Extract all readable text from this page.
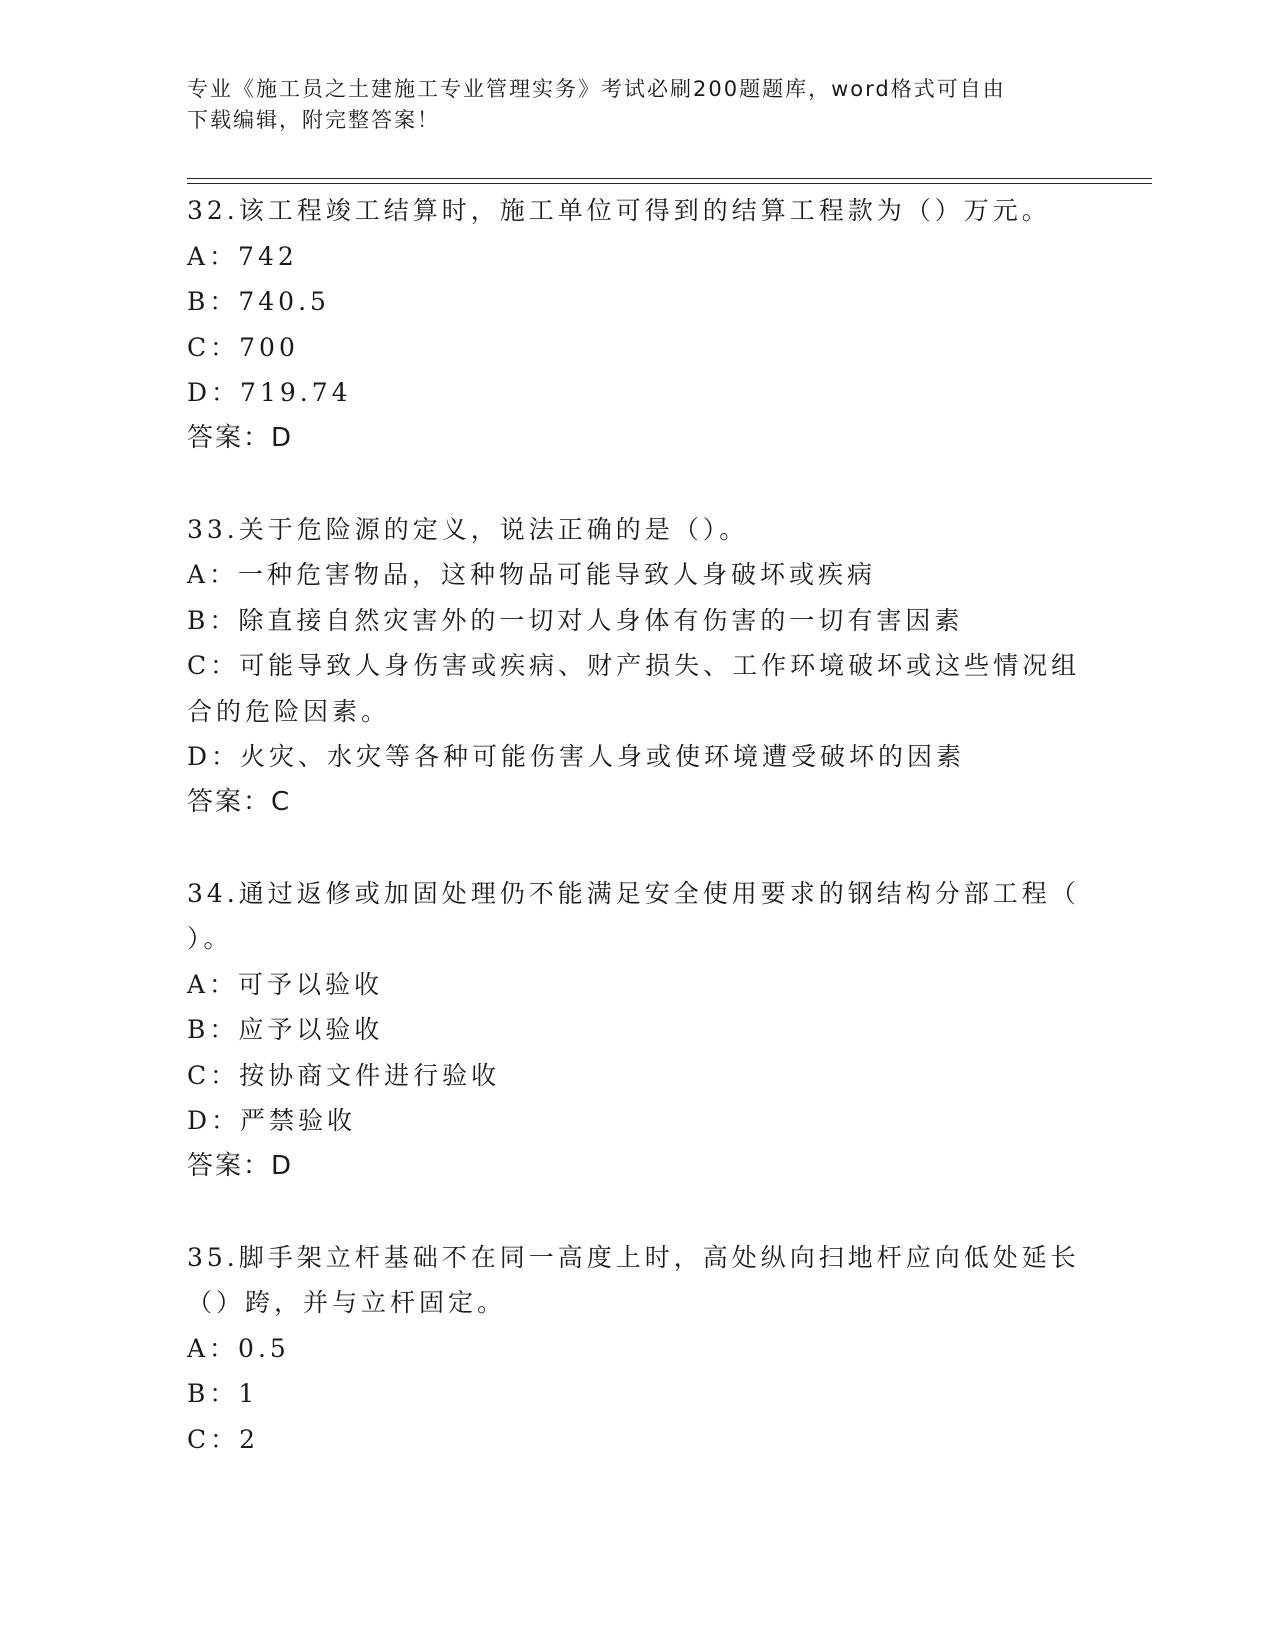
专业《施工员之土建施工专业管理实务》考试必刷200题题库，word格式可自由
下载编辑，附完整答案！

32.该工程竣工结算时，施工单位可得到的结算工程款为（）万元。

A：742

B：740.5

C：700

D：719.74

答案：D

33.关于危险源的定义，说法正确的是（）。

A：一种危害物品，这种物品可能导致人身破坏或疾病

B：除直接自然灾害外的一切对人身体有伤害的一切有害因素

C：可能导致人身伤害或疾病、财产损失、工作环境破坏或这些情况组

合的危险因素。

D：火灾、水灾等各种可能伤害人身或使环境遭受破坏的因素

答案：C

34.通过返修或加固处理仍不能满足安全使用要求的钢结构分部工程（

）。

A：可予以验收

B：应予以验收

C：按协商文件进行验收

D：严禁验收

答案：D

35.脚手架立杆基础不在同一高度上时，高处纵向扫地杆应向低处延长

（）跨，并与立杆固定。

A：0.5

B：1

C：2
